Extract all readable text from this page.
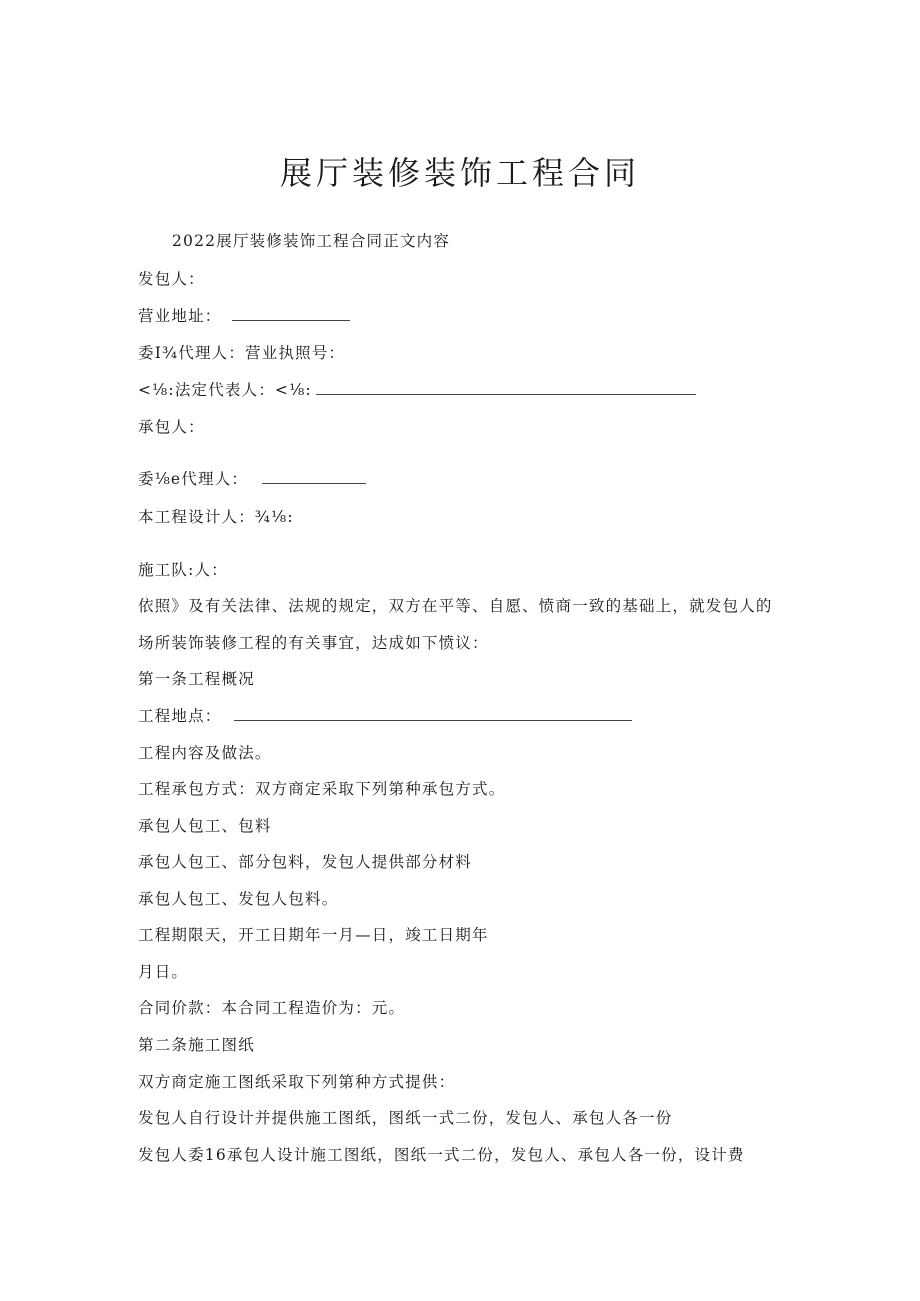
展厅装修装饰工程合同
2022展厅装修装饰工程合同正文内容
发包人：
营业地址：
委Ⅰ¾代理人：营业执照号：
<⅛:法定代表人：<⅛:
承包人：
委⅛e代理人：
本工程设计人：¾⅛:
施工队:人：
依照》及有关法律、法规的规定，双方在平等、自愿、愤商一致的基础上，就发包人的
场所装饰装修工程的有关事宜，达成如下愤议：
第一条工程概况
工程地点：
工程内容及做法。
工程承包方式：双方商定采取下列第种承包方式。
承包人包工、包料
承包人包工、部分包料，发包人提供部分材料
承包人包工、发包人包料。
工程期限天，开工日期年一月—日，竣工日期年
月日。
合同价款：本合同工程造价为：元。
第二条施工图纸
双方商定施工图纸采取下列第种方式提供：
发包人自行设计并提供施工图纸，图纸一式二份，发包人、承包人各一份
发包人委16承包人设计施工图纸，图纸一式二份，发包人、承包人各一份，设计费
